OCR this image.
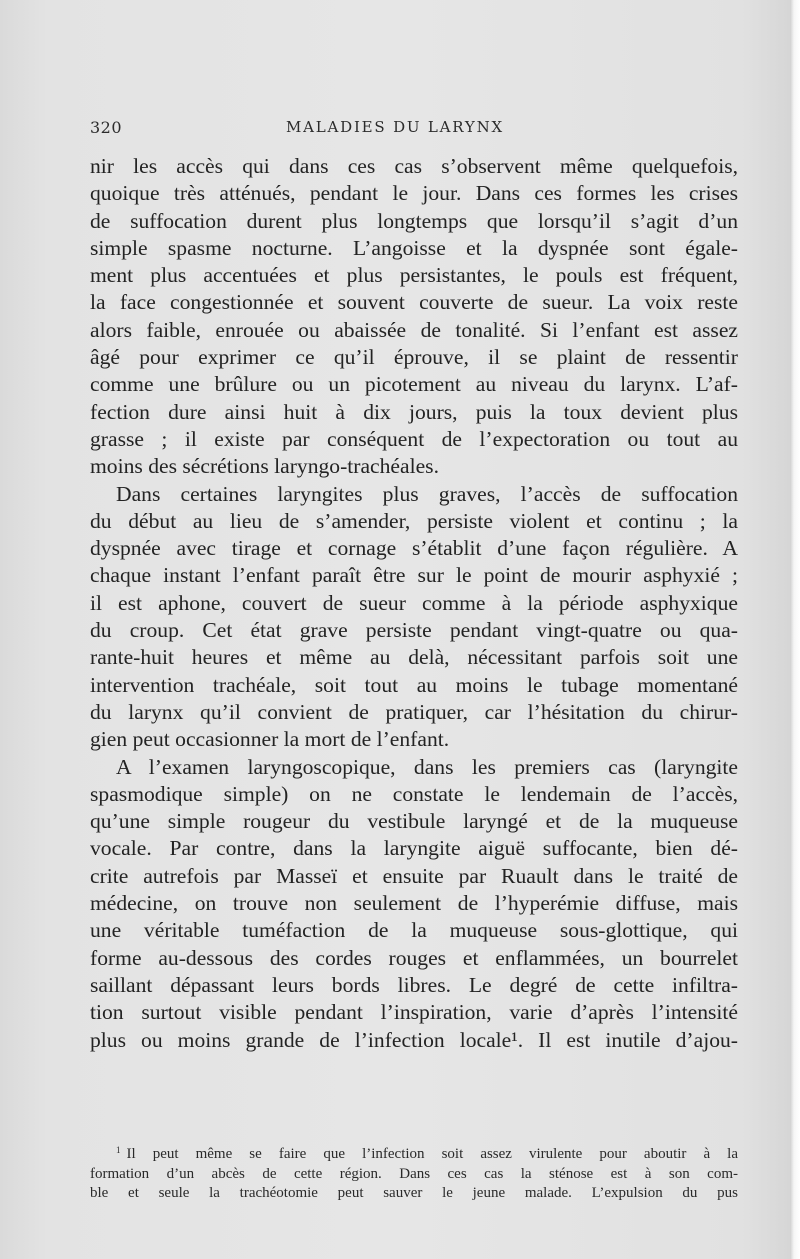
320	MALADIES DU LARYNX
nir les accès qui dans ces cas s’observent même quelquefois,
quoique très atténués, pendant le jour. Dans ces formes les crises
de suffocation durent plus longtemps que lorsqu’il s’agit d’un
simple spasme nocturne. L’angoisse et la dyspnée sont égale-
ment plus accentuées et plus persistantes, le pouls est fréquent,
la face congestionnée et souvent couverte de sueur. La voix reste
alors faible, enrouée ou abaissée de tonalité. Si l’enfant est assez
âgé pour exprimer ce qu’il éprouve, il se plaint de ressentir
comme une brûlure ou un picotement au niveau du larynx. L’af-
fection dure ainsi huit à dix jours, puis la toux devient plus
grasse ; il existe par conséquent de l’expectoration ou tout au
moins des sécrétions laryngo-trachéales.
Dans certaines laryngites plus graves, l’accès de suffocation
du début au lieu de s’amender, persiste violent et continu ; la
dyspnée avec tirage et cornage s’établit d’une façon régulière. A
chaque instant l’enfant paraît être sur le point de mourir asphyxié ;
il est aphone, couvert de sueur comme à la période asphyxique
du croup. Cet état grave persiste pendant vingt-quatre ou qua-
rante-huit heures et même au delà, nécessitant parfois soit une
intervention trachéale, soit tout au moins le tubage momentané
du larynx qu’il convient de pratiquer, car l’hésitation du chirur-
gien peut occasionner la mort de l’enfant.
A l’examen laryngoscopique, dans les premiers cas (laryngite
spasmodique simple) on ne constate le lendemain de l’accès,
qu’une simple rougeur du vestibule laryngé et de la muqueuse
vocale. Par contre, dans la laryngite aiguë suffocante, bien dé-
crite autrefois par Masseï et ensuite par Ruault dans le traité de
médecine, on trouve non seulement de l’hyperémie diffuse, mais
une véritable tuméfaction de la muqueuse sous-glottique, qui
forme au-dessous des cordes rouges et enflammées, un bourrelet
saillant dépassant leurs bords libres. Le degré de cette infiltra-
tion surtout visible pendant l’inspiration, varie d’après l’intensité
plus ou moins grande de l’infection locale¹. Il est inutile d’ajou-
$^1$ Il peut même se faire que l’infection soit assez virulente pour aboutir à la
formation d’un abcès de cette région. Dans ces cas la sténose est à son com-
ble et seule la trachéotomie peut sauver le jeune malade. L’expulsion du pus
